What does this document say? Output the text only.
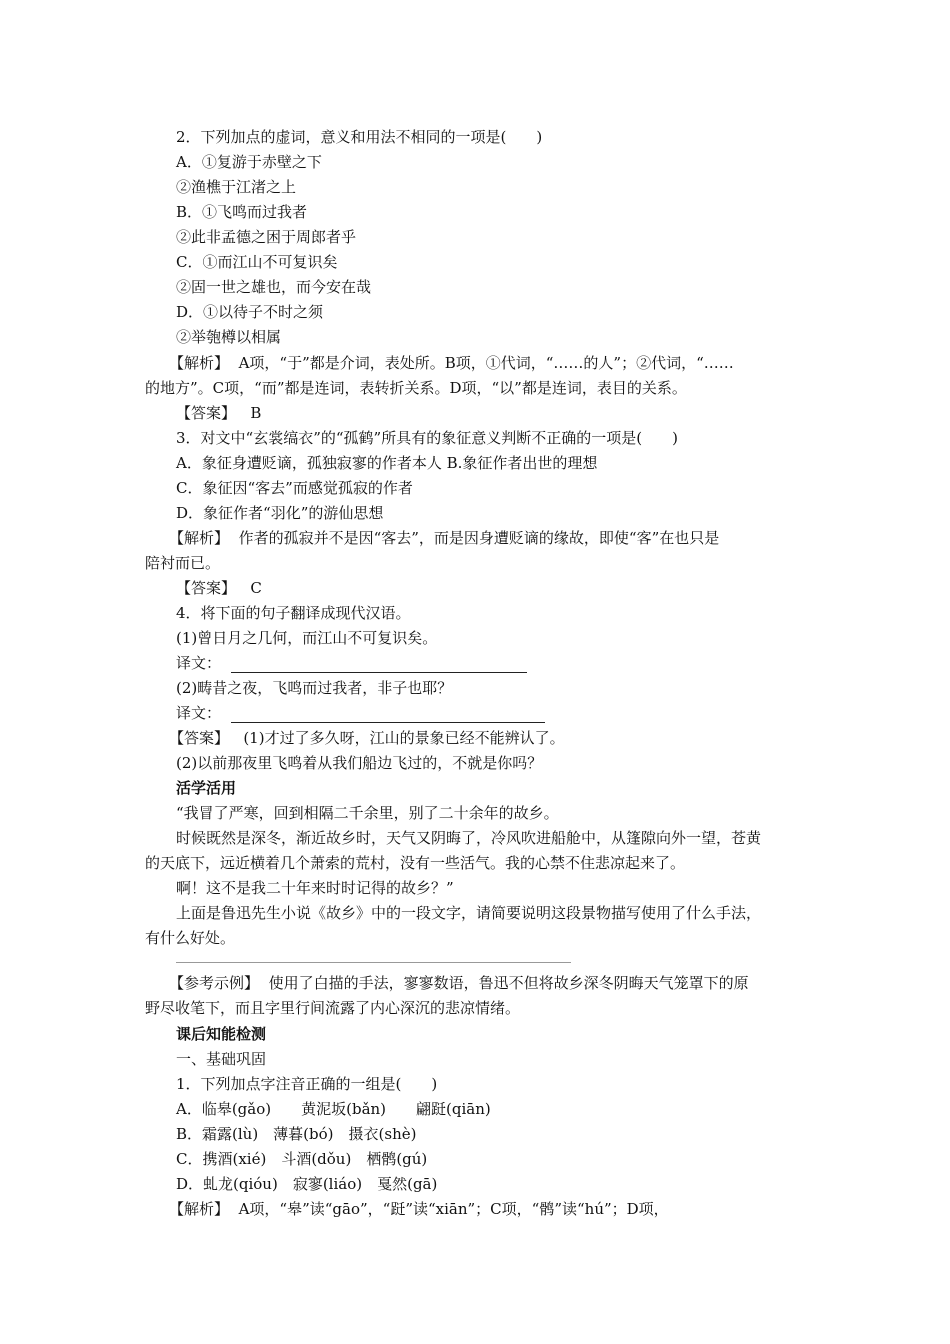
2．下列加点的虚词，意义和用法不相同的一项是(　　)
A．①复游于赤壁之下
②渔樵于江渚之上
B．①飞鸣而过我者
②此非孟德之困于周郎者乎
C．①而江山不可复识矣
②固一世之雄也，而今安在哉
D．①以待子不时之须
②举匏樽以相属
【解析】 A项，“于”都是介词，表处所。B项，①代词，“……的人”；②代词，“……
的地方”。C项，“而”都是连词，表转折关系。D项，“以”都是连词，表目的关系。
【答案】 B
3．对文中“玄裳缟衣”的“孤鹤”所具有的象征意义判断不正确的一项是(　　)
A．象征身遭贬谪，孤独寂寥的作者本人 B.象征作者出世的理想
C．象征因“客去”而感觉孤寂的作者
D．象征作者“羽化”的游仙思想
【解析】 作者的孤寂并不是因“客去”，而是因身遭贬谪的缘故，即使“客”在也只是
陪衬而已。
【答案】 C
4．将下面的句子翻译成现代汉语。
(1)曾日月之几何，而江山不可复识矣。
译文：
(2)畴昔之夜，飞鸣而过我者，非子也耶？
译文：
【答案】 (1)才过了多久呀，江山的景象已经不能辨认了。
(2)以前那夜里飞鸣着从我们船边飞过的，不就是你吗？
活学活用
“我冒了严寒，回到相隔二千余里，别了二十余年的故乡。
时候既然是深冬，渐近故乡时，天气又阴晦了，冷风吹进船舱中，从篷隙向外一望，苍黄
的天底下，远近横着几个萧索的荒村，没有一些活气。我的心禁不住悲凉起来了。
啊！这不是我二十年来时时记得的故乡？”
上面是鲁迅先生小说《故乡》中的一段文字，请简要说明这段景物描写使用了什么手法，
有什么好处。
【参考示例】 使用了白描的手法，寥寥数语，鲁迅不但将故乡深冬阴晦天气笼罩下的原
野尽收笔下，而且字里行间流露了内心深沉的悲凉情绪。
课后知能检测
一、基础巩固
1．下列加点字注音正确的一组是(　　)
A．临皋(gǎo)　　黄泥坂(bǎn)　　翩跹(qiān)
B．霜露(lù)　薄暮(bó)　摄衣(shè)
C．携酒(xié)　斗酒(dǒu)　栖鹘(gú)
D．虬龙(qióu)　寂寥(liáo)　戛然(gā)
【解析】 A项，“皋”读“gāo”，“跹”读“xiān”；C项，“鹘”读“hú”；D项，
